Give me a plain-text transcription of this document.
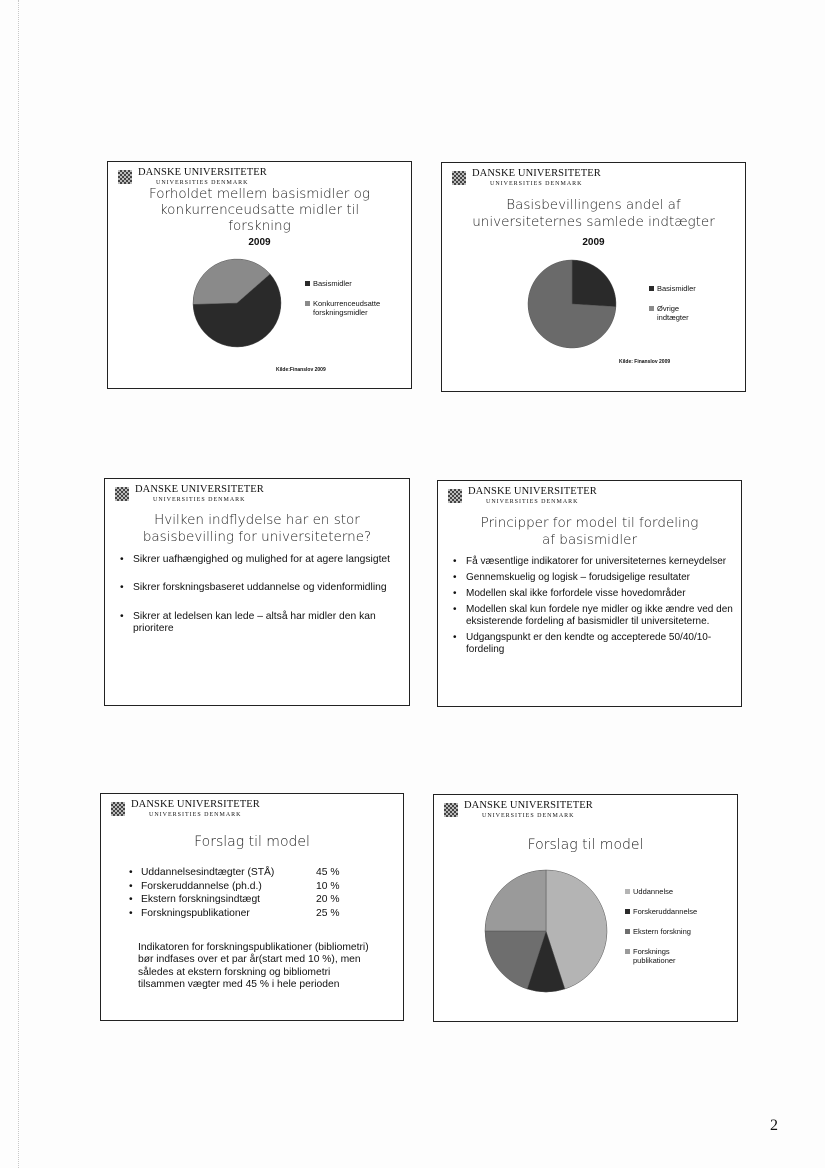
DANSKE UNIVERSITETER
UNIVERSITIES DENMARK
Forholdet mellem basismidler og konkurrenceudsatte midler til forskning
2009
Basismidler
Konkurrenceudsatte forskningsmidler
Kilde:Finanslov 2009
DANSKE UNIVERSITETER
UNIVERSITIES DENMARK
Basisbevillingens andel af universiteternes samlede indtægter
2009
Basismidler
Øvrige indtægter
Kilde: Finanslov 2009
DANSKE UNIVERSITETER
UNIVERSITIES DENMARK
Hvilken indflydelse har en stor basisbevilling for universiteterne?
• Sikrer uafhængighed og mulighed for at agere langsigtet
• Sikrer forskningsbaseret uddannelse og videnformidling
• Sikrer at ledelsen kan lede – altså har midler den kan prioritere
DANSKE UNIVERSITETER
UNIVERSITIES DENMARK
Principper for model til fordeling af basismidler
• Få væsentlige indikatorer for universiteternes kerneydelser
• Gennemskuelig og logisk – forudsigelige resultater
• Modellen skal ikke forfordele visse hovedområder
• Modellen skal kun fordele nye midler og ikke ændre ved den eksisterende fordeling af basismidler til universiteterne.
• Udgangspunkt er den kendte og accepterede 50/40/10-fordeling
DANSKE UNIVERSITETER
UNIVERSITIES DENMARK
Forslag til model
• Uddannelsesindtægter (STÅ)	45 %
• Forskeruddannelse (ph.d.)	10 %
• Ekstern forskningsindtægt	20 %
• Forskningspublikationer	25 %
Indikatoren for forskningspublikationer (bibliometri) bør indfases over et par år(start med 10 %), men således at ekstern forskning og bibliometri tilsammen vægter med 45 % i hele perioden
DANSKE UNIVERSITETER
UNIVERSITIES DENMARK
Forslag til model
Uddannelse
Forskeruddannelse
Ekstern forskning
Forsknings publikationer
2
